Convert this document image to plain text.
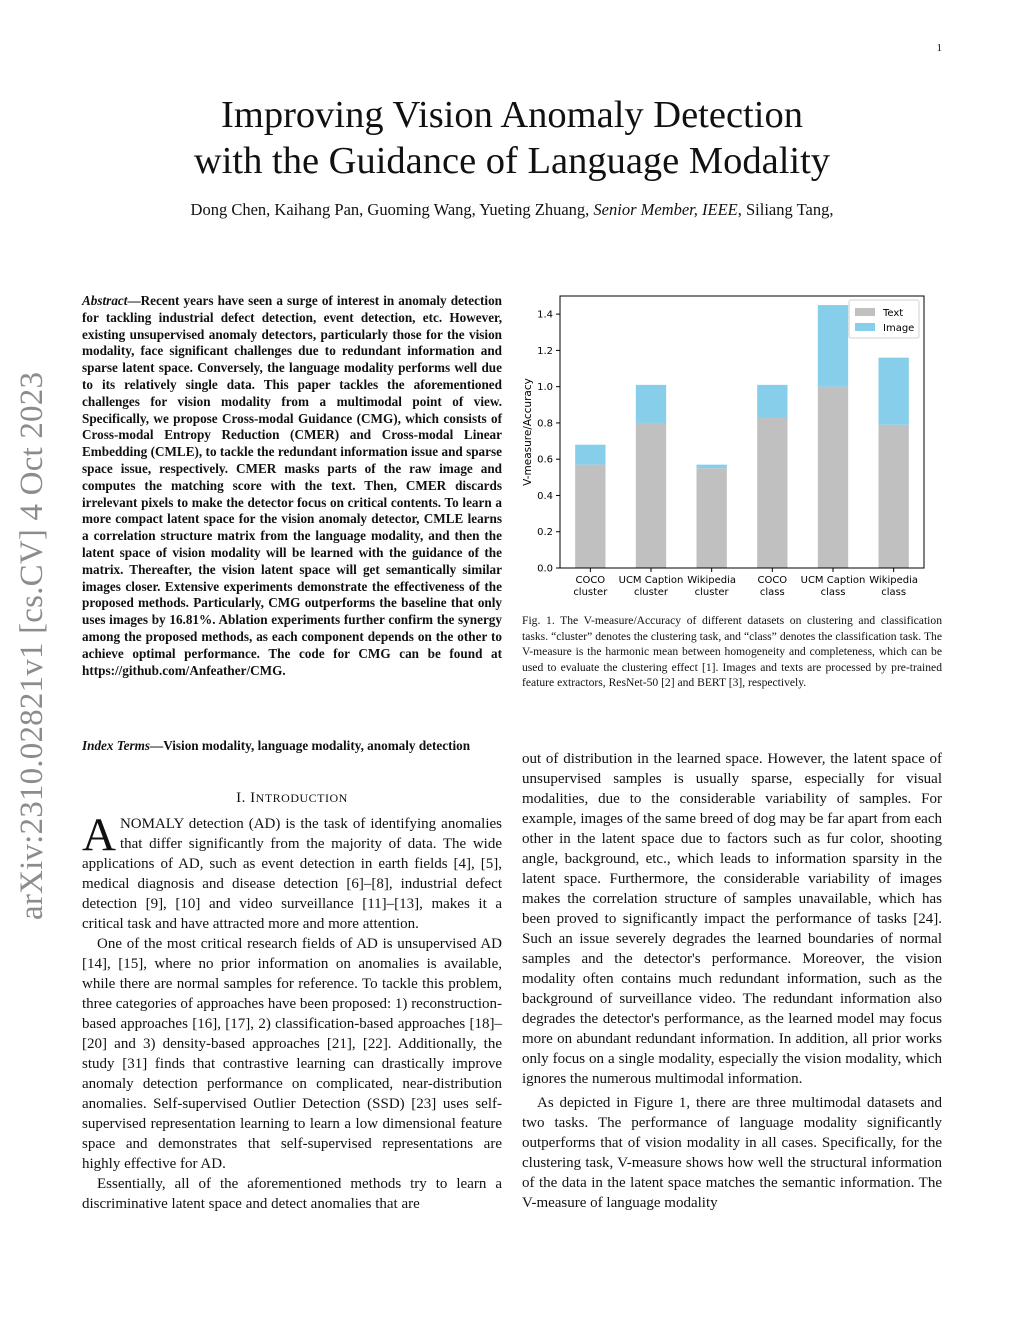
1
arXiv:2310.02821v1 [cs.CV] 4 Oct 2023
Improving Vision Anomaly Detection
with the Guidance of Language Modality
Dong Chen, Kaihang Pan, Guoming Wang, Yueting Zhuang, Senior Member, IEEE, Siliang Tang,
Abstract—Recent years have seen a surge of interest in anomaly detection for tackling industrial defect detection, event detection, etc. However, existing unsupervised anomaly detectors, particularly those for the vision modality, face significant challenges due to redundant information and sparse latent space. Conversely, the language modality performs well due to its relatively single data. This paper tackles the aforementioned challenges for vision modality from a multimodal point of view. Specifically, we propose Cross-modal Guidance (CMG), which consists of Cross-modal Entropy Reduction (CMER) and Cross-modal Linear Embedding (CMLE), to tackle the redundant information issue and sparse space issue, respectively. CMER masks parts of the raw image and computes the matching score with the text. Then, CMER discards irrelevant pixels to make the detector focus on critical contents. To learn a more compact latent space for the vision anomaly detector, CMLE learns a correlation structure matrix from the language modality, and then the latent space of vision modality will be learned with the guidance of the matrix. Thereafter, the vision latent space will get semantically similar images closer. Extensive experiments demonstrate the effectiveness of the proposed methods. Particularly, CMG outperforms the baseline that only uses images by 16.81%. Ablation experiments further confirm the synergy among the proposed methods, as each component depends on the other to achieve optimal performance. The code for CMG can be found at https://github.com/Anfeather/CMG.
Index Terms—Vision modality, language modality, anomaly detection
I. INTRODUCTION

ANOMALY detection (AD) is the task of identifying anomalies that differ significantly from the majority of data. The wide applications of AD, such as event detection in earth fields [4], [5], medical diagnosis and disease detection [6]–[8], industrial defect detection [9], [10] and video surveillance [11]–[13], makes it a critical task and have attracted more and more attention.

One of the most critical research fields of AD is unsupervised AD [14], [15], where no prior information on anomalies is available, while there are normal samples for reference. To tackle this problem, three categories of approaches have been proposed: 1) reconstruction-based approaches [16], [17], 2) classification-based approaches [18]–[20] and 3) density-based approaches [21], [22]. Additionally, the study [31] finds that contrastive learning can drastically improve anomaly detection performance on complicated, near-distribution anomalies. Self-supervised Outlier Detection (SSD) [23] uses self-supervised representation learning to learn a low dimensional feature space and demonstrates that self-supervised representations are highly effective for AD.

Essentially, all of the aforementioned methods try to learn a discriminative latent space and detect anomalies that are

V-measure/Accuracy
0.0
0.2
0.4
0.6
0.8
1.0
1.2
1.4
COCO
cluster
UCM Caption
cluster
Wikipedia
cluster
COCO
class
UCM Caption
class
Wikipedia
class
Text
Image
Fig. 1. The V-measure/Accuracy of different datasets on clustering and classification tasks. “cluster” denotes the clustering task, and “class” denotes the classification task. The V-measure is the harmonic mean between homogeneity and completeness, which can be used to evaluate the clustering effect [1]. Images and texts are processed by pre-trained feature extractors, ResNet-50 [2] and BERT [3], respectively.

out of distribution in the learned space. However, the latent space of unsupervised samples is usually sparse, especially for visual modalities, due to the considerable variability of samples. For example, images of the same breed of dog may be far apart from each other in the latent space due to factors such as fur color, shooting angle, background, etc., which leads to information sparsity in the latent space. Furthermore, the considerable variability of images makes the correlation structure of samples unavailable, which has been proved to significantly impact the performance of tasks [24]. Such an issue severely degrades the learned boundaries of normal samples and the detector's performance. Moreover, the vision modality often contains much redundant information, such as the background of surveillance video. The redundant information also degrades the detector's performance, as the learned model may focus more on abundant redundant information. In addition, all prior works only focus on a single modality, especially the vision modality, which ignores the numerous multimodal information.

As depicted in Figure 1, there are three multimodal datasets and two tasks. The performance of language modality significantly outperforms that of vision modality in all cases. Specifically, for the clustering task, V-measure shows how well the structural information of the data in the latent space matches the semantic information. The V-measure of language modality
